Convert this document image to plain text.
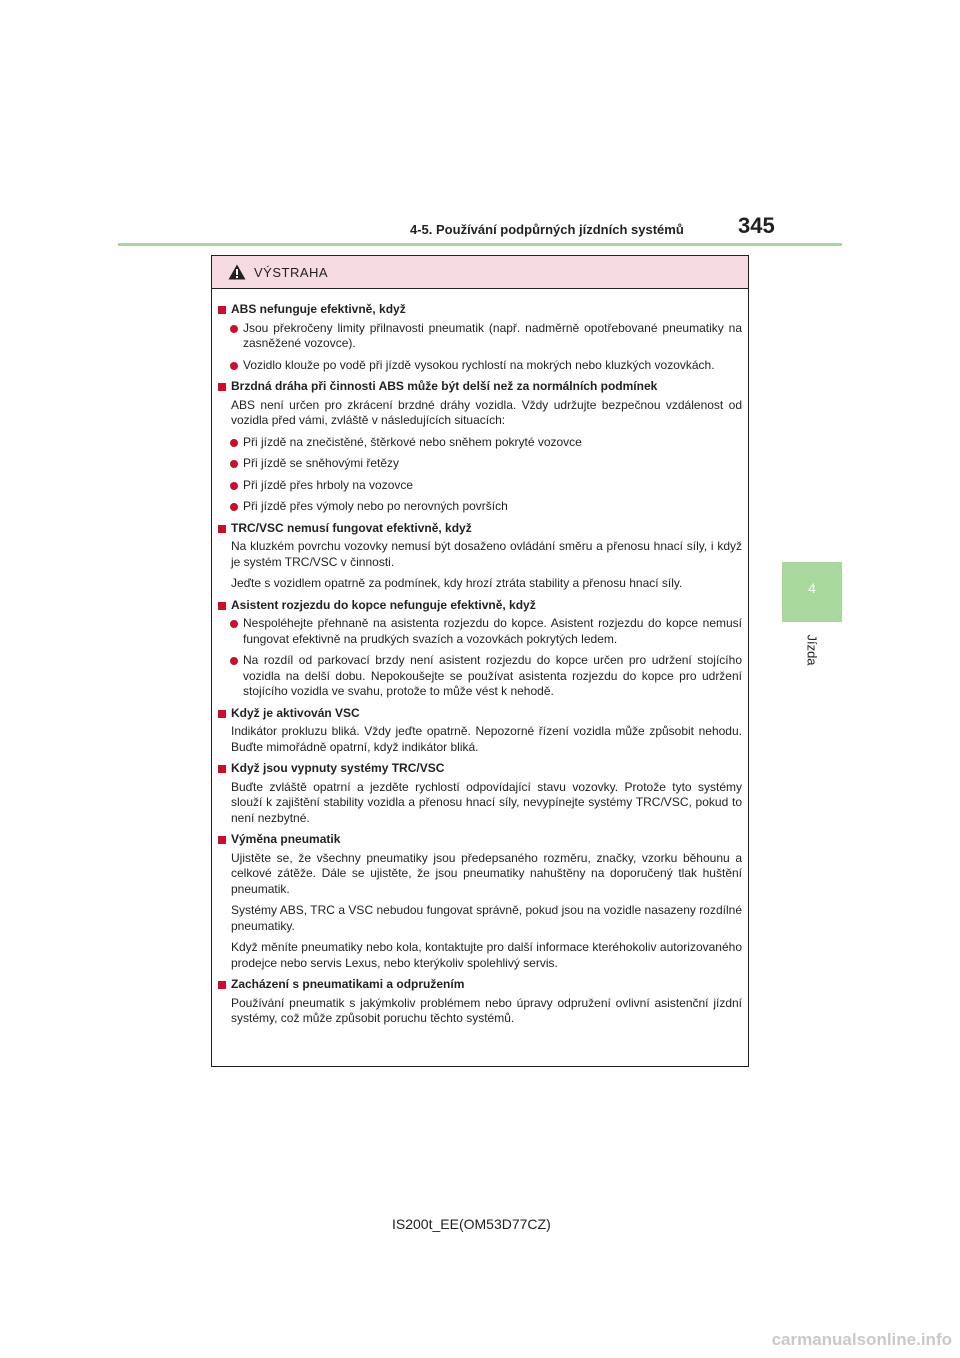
4-5. Používání podpůrných jízdních systémů 345
4
Jízda
VÝSTRAHA
ABS nefunguje efektivně, když
Jsou překročeny limity přilnavosti pneumatik (např. nadměrně opotřebované pneumatiky na zasněžené vozovce).
Vozidlo klouže po vodě při jízdě vysokou rychlostí na mokrých nebo kluzkých vozovkách.
Brzdná dráha při činnosti ABS může být delší než za normálních podmínek
ABS není určen pro zkrácení brzdné dráhy vozidla. Vždy udržujte bezpečnou vzdálenost od vozidla před vámi, zvláště v následujících situacích:
Při jízdě na znečistěné, štěrkové nebo sněhem pokryté vozovce
Při jízdě se sněhovými řetězy
Při jízdě přes hrboly na vozovce
Při jízdě přes výmoly nebo po nerovných površích
TRC/VSC nemusí fungovat efektivně, když
Na kluzkém povrchu vozovky nemusí být dosaženo ovládání směru a přenosu hnací síly, i když je systém TRC/VSC v činnosti.
Jeďte s vozidlem opatrně za podmínek, kdy hrozí ztráta stability a přenosu hnací síly.
Asistent rozjezdu do kopce nefunguje efektivně, když
Nespoléhejte přehnaně na asistenta rozjezdu do kopce. Asistent rozjezdu do kopce nemusí fungovat efektivně na prudkých svazích a vozovkách pokrytých ledem.
Na rozdíl od parkovací brzdy není asistent rozjezdu do kopce určen pro udržení stojícího vozidla na delší dobu. Nepokoušejte se používat asistenta rozjezdu do kopce pro udržení stojícího vozidla ve svahu, protože to může vést k nehodě.
Když je aktivován VSC
Indikátor prokluzu bliká. Vždy jeďte opatrně. Nepozorné řízení vozidla může způsobit nehodu. Buďte mimořádně opatrní, když indikátor bliká.
Když jsou vypnuty systémy TRC/VSC
Buďte zvláště opatrní a jezděte rychlostí odpovídající stavu vozovky. Protože tyto systémy slouží k zajištění stability vozidla a přenosu hnací síly, nevypínejte systémy TRC/VSC, pokud to není nezbytné.
Výměna pneumatik
Ujistěte se, že všechny pneumatiky jsou předepsaného rozměru, značky, vzorku běhounu a celkové zátěže. Dále se ujistěte, že jsou pneumatiky nahuštěny na doporučený tlak huštění pneumatik.
Systémy ABS, TRC a VSC nebudou fungovat správně, pokud jsou na vozidle nasazeny rozdílné pneumatiky.
Když měníte pneumatiky nebo kola, kontaktujte pro další informace kteréhokoliv autorizovaného prodejce nebo servis Lexus, nebo kterýkoliv spolehlivý servis.
Zacházení s pneumatikami a odpružením
Používání pneumatik s jakýmkoliv problémem nebo úpravy odpružení ovlivní asistenční jízdní systémy, což může způsobit poruchu těchto systémů.
IS200t_EE(OM53D77CZ)
carmanualsonline.info
